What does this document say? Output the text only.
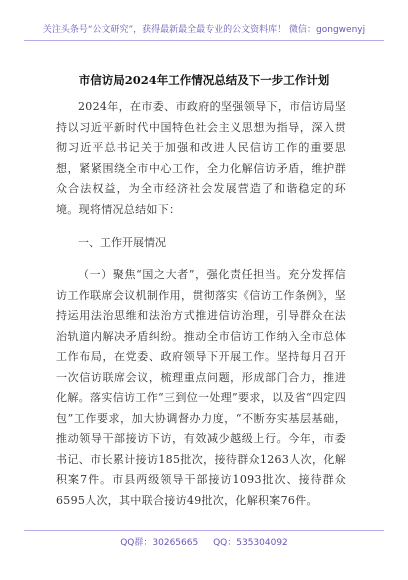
关注头条号“公文研究”，获得最新最全最专业的公文资料库！ 微信：gongwenyj
市信访局2024年工作情况总结及下一步工作计划
2024年，在市委、市政府的坚强领导下，市信访局坚持以习近平新时代中国特色社会主义思想为指导，深入贯彻习近平总书记关于加强和改进人民信访工作的重要思想，紧紧围绕全市中心工作，全力化解信访矛盾，维护群众合法权益，为全市经济社会发展营造了和谐稳定的环境。现将情况总结如下：
一、工作开展情况
（一）聚焦“国之大者”，强化责任担当。充分发挥信访工作联席会议机制作用，贯彻落实《信访工作条例》，坚持运用法治思维和法治方式推进信访治理，引导群众在法治轨道内解决矛盾纠纷。推动全市信访工作纳入全市总体工作布局，在党委、政府领导下开展工作。坚持每月召开一次信访联席会议，梳理重点问题，形成部门合力，推进化解。落实信访工作“三到位一处理”要求，以及省“四定四包”工作要求，加大协调督办力度，“不断夯实基层基础，推动领导干部接访下访，有效减少越级上行。今年，市委书记、市长累计接访185批次，接待群众1263人次，化解积案7件。市县两级领导干部接访1093批次、接待群众6595人次，其中联合接访49批次，化解积案76件。
QQ群：30265665 QQ：535304092
